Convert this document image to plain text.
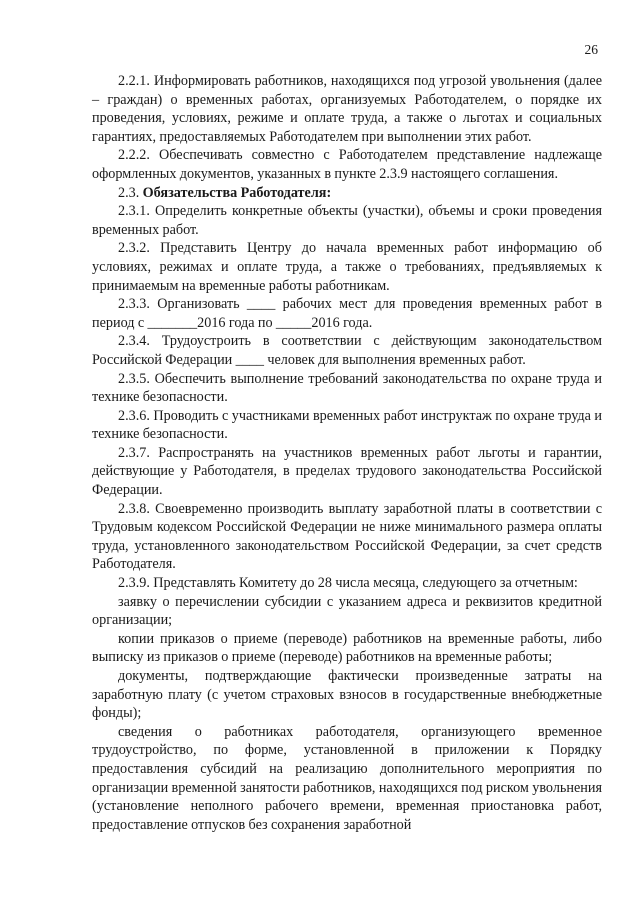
26

2.2.1. Информировать работников, находящихся под угрозой увольнения (далее – граждан) о временных работах, организуемых Работодателем, о порядке их проведения, условиях, режиме и оплате труда, а также о льготах и социальных гарантиях, предоставляемых Работодателем при выполнении этих работ.

2.2.2. Обеспечивать совместно с Работодателем представление надлежаще оформленных документов, указанных в пункте 2.3.9 настоящего соглашения.

2.3. Обязательства Работодателя:

2.3.1. Определить конкретные объекты (участки), объемы и сроки проведения временных работ.

2.3.2. Представить Центру до начала временных работ информацию об условиях, режимах и оплате труда, а также о требованиях, предъявляемых к принимаемым на временные работы работникам.

2.3.3. Организовать ____ рабочих мест для проведения временных работ в период с _______2016 года по _____2016 года.

2.3.4. Трудоустроить в соответствии с действующим законодательством Российской Федерации ____ человек для выполнения временных работ.

2.3.5. Обеспечить выполнение требований законодательства по охране труда и технике безопасности.

2.3.6. Проводить с участниками временных работ инструктаж по охране труда и технике безопасности.

2.3.7. Распространять на участников временных работ льготы и гарантии, действующие у Работодателя, в пределах трудового законодательства Российской Федерации.

2.3.8. Своевременно производить выплату заработной платы в соответствии с Трудовым кодексом Российской Федерации не ниже минимального размера оплаты труда, установленного законодательством Российской Федерации, за счет средств Работодателя.

2.3.9. Представлять Комитету до 28 числа месяца, следующего за отчетным:

заявку о перечислении субсидии с указанием адреса и реквизитов кредитной организации;

копии приказов о приеме (переводе) работников на временные работы, либо выписку из приказов о приеме (переводе) работников на временные работы;

документы, подтверждающие фактически произведенные затраты на заработную плату (с учетом страховых взносов в государственные внебюджетные фонды);

сведения о работниках работодателя, организующего временное трудоустройство, по форме, установленной в приложении к Порядку предоставления субсидий на реализацию дополнительного мероприятия по организации временной занятости работников, находящихся под риском увольнения (установление неполного рабочего времени, временная приостановка работ, предоставление отпусков без сохранения заработной
